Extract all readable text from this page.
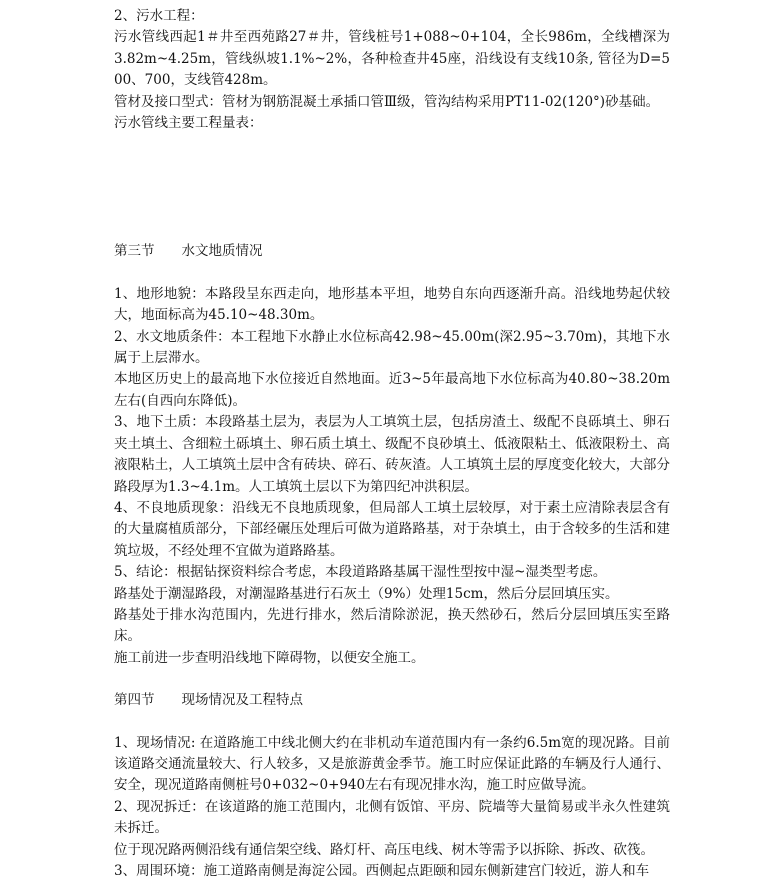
2、污水工程：

污水管线西起1＃井至西苑路27＃井，管线桩号1+088~0+104，全长986m，全线槽深为3.82m~4.25m，管线纵坡1.1%~2%，各种检查井45座，沿线设有支线10条, 管径为D=500、700，支线管428m。

管材及接口型式：管材为钢筋混凝土承插口管Ⅲ级，管沟结构采用PT11-02(120°)砂基础。

污水管线主要工程量表：

第三节　　水文地质情况

1、地形地貌：本路段呈东西走向，地形基本平坦，地势自东向西逐渐升高。沿线地势起伏较大，地面标高为45.10~48.30m。

2、水文地质条件：本工程地下水静止水位标高42.98~45.00m(深2.95~3.70m)，其地下水属于上层滞水。

本地区历史上的最高地下水位接近自然地面。近3~5年最高地下水位标高为40.80~38.20m左右(自西向东降低)。

3、地下土质：本段路基土层为，表层为人工填筑土层，包括房渣土、级配不良砾填土、卵石夹土填土、含细粒土砾填土、卵石质土填土、级配不良砂填土、低液限粘土、低液限粉土、高液限粘土，人工填筑土层中含有砖块、碎石、砖灰渣。人工填筑土层的厚度变化较大，大部分路段厚为1.3~4.1m。人工填筑土层以下为第四纪冲洪积层。

4、不良地质现象：沿线无不良地质现象，但局部人工填土层较厚，对于素土应清除表层含有的大量腐植质部分，下部经碾压处理后可做为道路路基，对于杂填土，由于含较多的生活和建筑垃圾，不经处理不宜做为道路路基。

5、结论：根据钻探资料综合考虑，本段道路路基属干湿性型按中湿~湿类型考虑。

路基处于潮湿路段，对潮湿路基进行石灰土（9%）处理15cm，然后分层回填压实。

路基处于排水沟范围内，先进行排水，然后清除淤泥，换天然砂石，然后分层回填压实至路床。

施工前进一步查明沿线地下障碍物，以便安全施工。

第四节　　现场情况及工程特点

1、现场情况: 在道路施工中线北侧大约在非机动车道范围内有一条约6.5m宽的现况路。目前该道路交通流量较大、行人较多，又是旅游黄金季节。施工时应保证此路的车辆及行人通行、安全，现况道路南侧桩号0+032~0+940左右有现况排水沟，施工时应做导流。

2、现况拆迁：在该道路的施工范围内，北侧有饭馆、平房、院墙等大量简易或半永久性建筑未拆迁。

位于现况路两侧沿线有通信架空线、路灯杆、高压电线、树木等需予以拆除、拆改、砍筏。

3、周围环境：施工道路南侧是海淀公园。西侧起点距颐和园东侧新建宫门较近，游人和车
